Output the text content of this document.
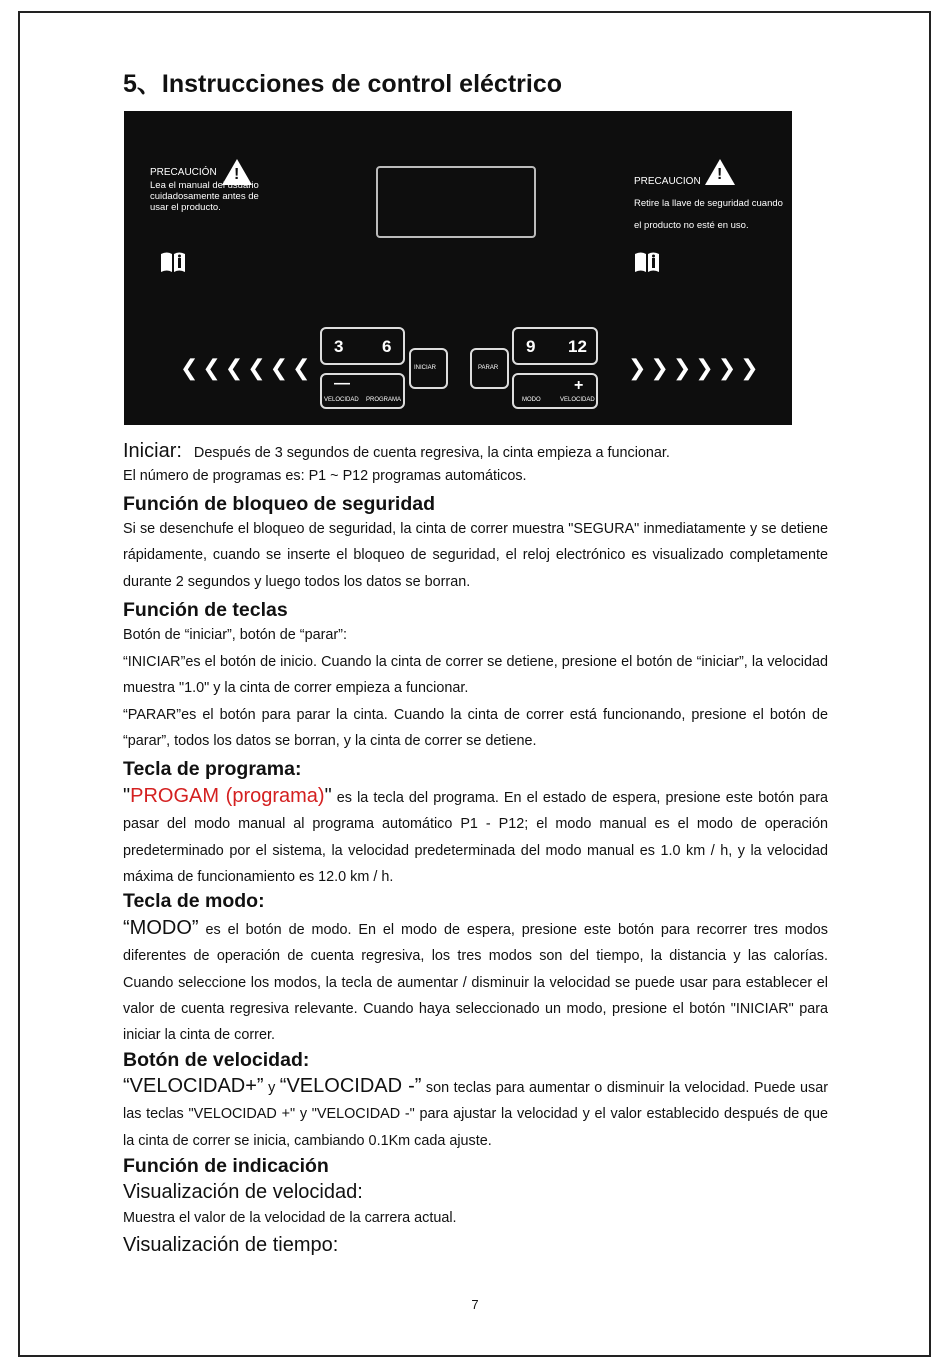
5、Instrucciones de control eléctrico
PRECAUCIÓN
Lea el manual del usuario cuidadosamente antes de usar el producto.
!
PRECAUCION
Retire la llave de seguridad cuando el producto no esté en uso.
!
❮❮❮❮❮❮	❯❯❯❯❯❯
3 6
—
VELOCIDAD PROGRAMA
INICIAR	PARAR
9 12
MODO
+
VELOCIDAD

Iniciar: Después de 3 segundos de cuenta regresiva, la cinta empieza a funcionar.

El número de programas es: P1 ~ P12 programas automáticos.

Función de bloqueo de seguridad

Si se desenchufe el bloqueo de seguridad, la cinta de correr muestra "SEGURA" inmediatamente y se detiene rápidamente, cuando se inserte el bloqueo de seguridad, el reloj electrónico es visualizado completamente durante 2 segundos y luego todos los datos se borran.

Función de teclas

Botón de “iniciar”, botón de “parar”:

“INICIAR”es el botón de inicio. Cuando la cinta de correr se detiene, presione el botón de “iniciar”, la velocidad muestra "1.0" y la cinta de correr empieza a funcionar.

“PARAR”es el botón para parar la cinta. Cuando la cinta de correr está funcionando, presione el botón de “parar”, todos los datos se borran, y la cinta de correr se detiene.

Tecla de programa:

"PROGAM (programa)" es la tecla del programa. En el estado de espera, presione este botón para pasar del modo manual al programa automático P1 - P12; el modo manual es el modo de operación predeterminado por el sistema, la velocidad predeterminada del modo manual es 1.0 km / h, y la velocidad máxima de funcionamiento es 12.0 km / h.

Tecla de modo:

“MODO” es el botón de modo. En el modo de espera, presione este botón para recorrer tres modos diferentes de operación de cuenta regresiva, los tres modos son del tiempo, la distancia y las calorías. Cuando seleccione los modos, la tecla de aumentar / disminuir la velocidad se puede usar para establecer el valor de cuenta regresiva relevante. Cuando haya seleccionado un modo, presione el botón "INICIAR" para iniciar la cinta de correr.

Botón de velocidad:

“VELOCIDAD+” y “VELOCIDAD -” son teclas para aumentar o disminuir la velocidad. Puede usar las teclas "VELOCIDAD +" y "VELOCIDAD -" para ajustar la velocidad y el valor establecido después de que la cinta de correr se inicia, cambiando 0.1Km cada ajuste.

Función de indicación

Visualización de velocidad:

Muestra el valor de la velocidad de la carrera actual.

Visualización de tiempo:

7
